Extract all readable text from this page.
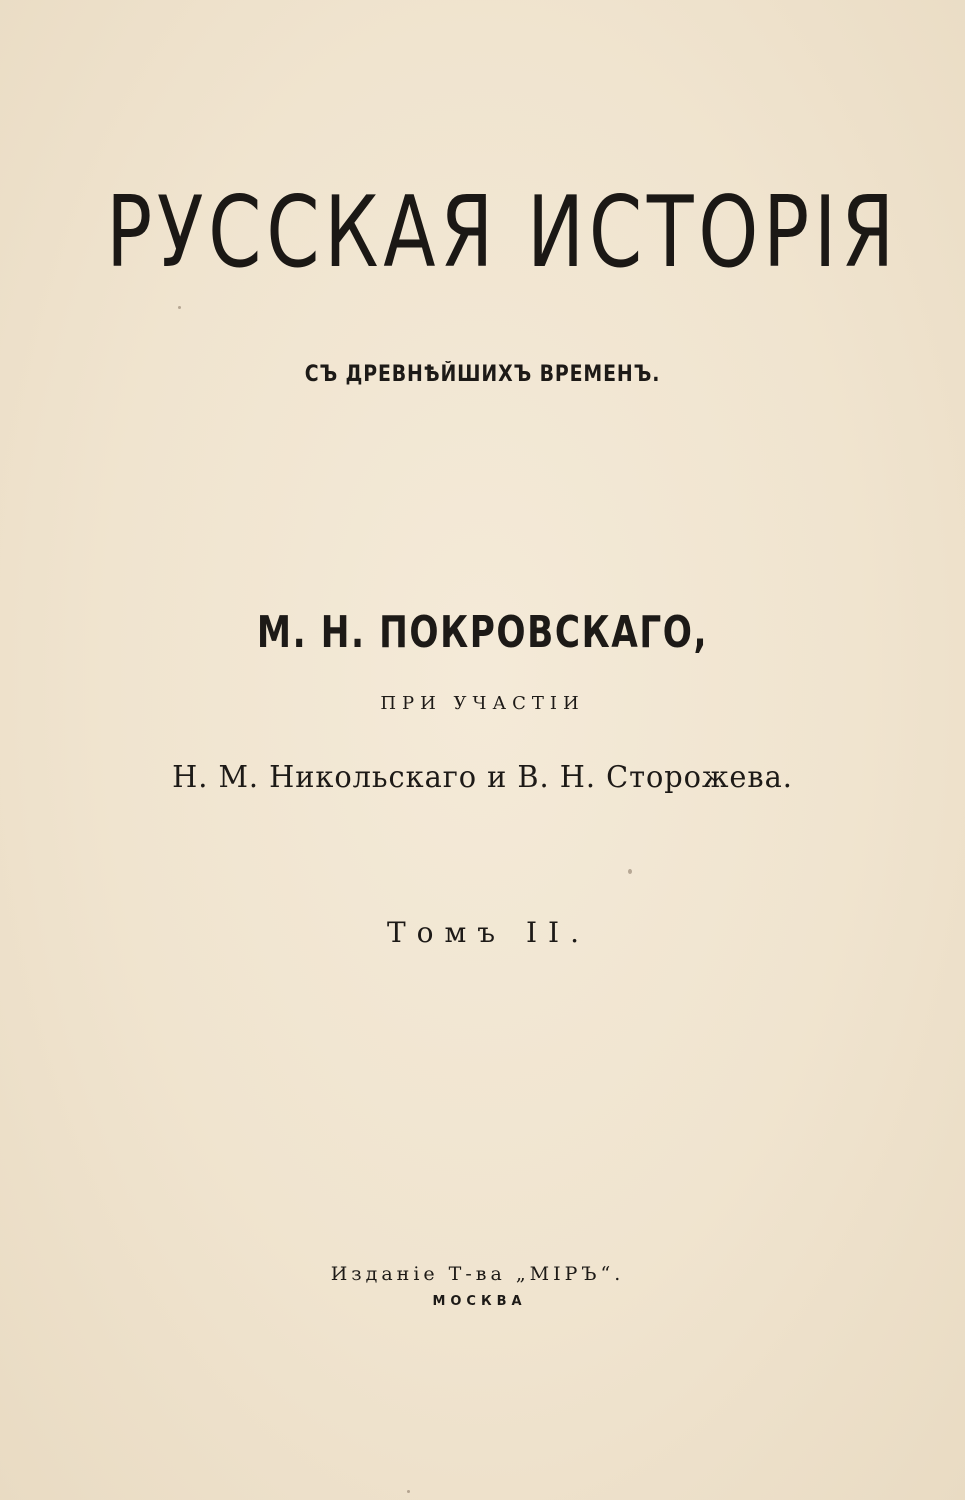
РУССКАЯ ИСТОРІЯ
СЪ ДРЕВНѢЙШИХЪ ВРЕМЕНЪ.
М. Н. ПОКРОВСКАГО,
ПРИ УЧАСТІИ
Н. М. Никольскаго и В. Н. Сторожева.
Томъ II.
Изданіе Т-ва „МІРЪ“.
МОСКВА
